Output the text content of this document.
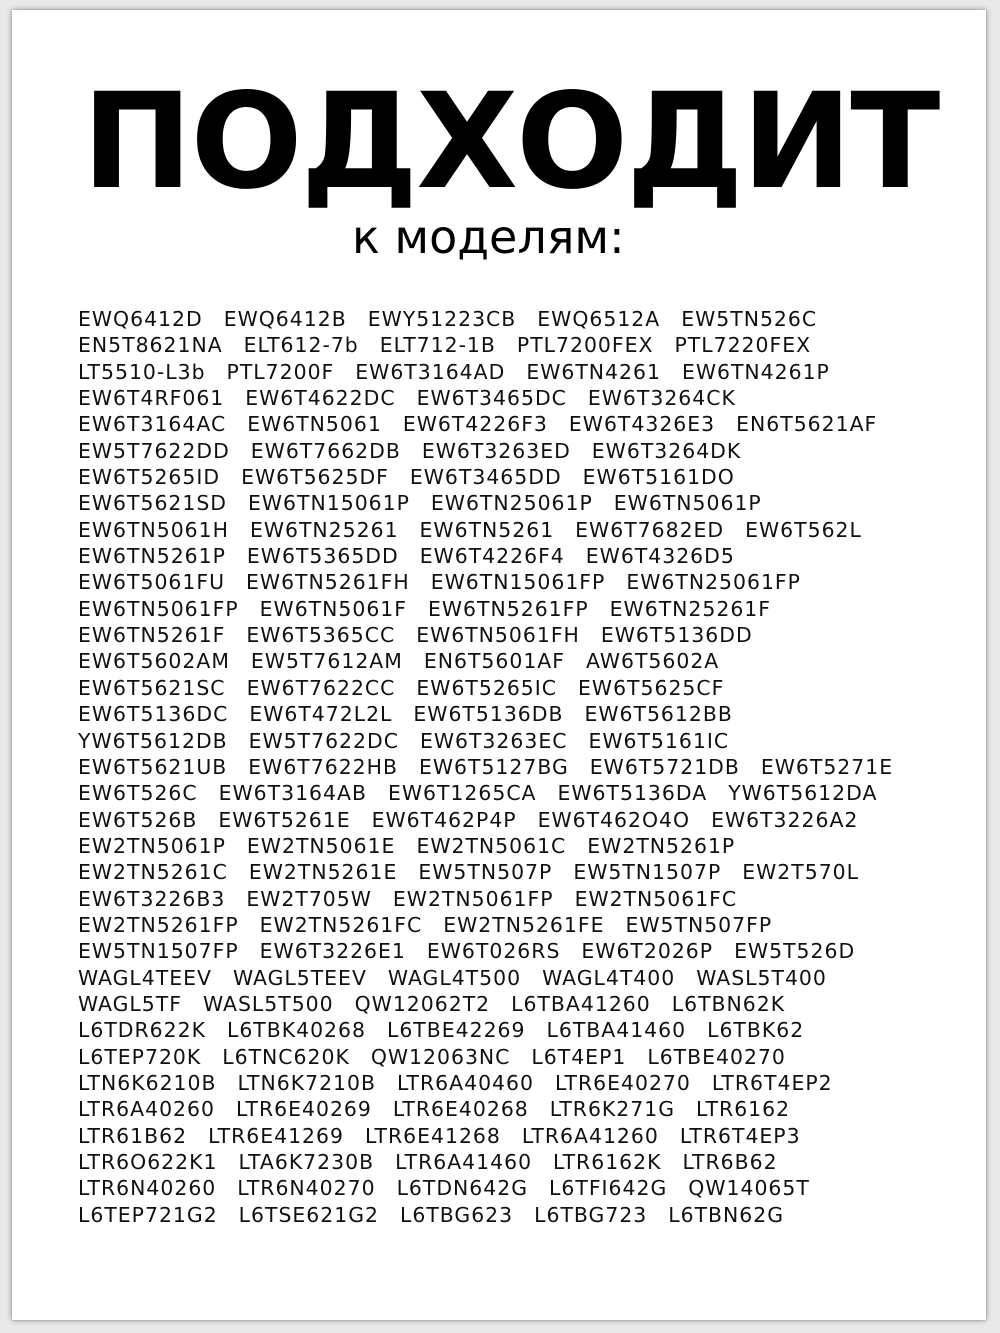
ПОДХОДИТ
к моделям:
EWQ6412D EWQ6412B EWY51223CB EWQ6512A EW5TN526C
EN5T8621NA ELT612-7b ELT712-1B PTL7200FEX PTL7220FEX
LT5510-L3b PTL7200F EW6T3164AD EW6TN4261 EW6TN4261P
EW6T4RF061 EW6T4622DC EW6T3465DC EW6T3264CK
EW6T3164AC EW6TN5061 EW6T4226F3 EW6T4326E3 EN6T5621AF
EW5T7622DD EW6T7662DB EW6T3263ED EW6T3264DK
EW6T5265ID EW6T5625DF EW6T3465DD EW6T5161DO
EW6T5621SD EW6TN15061P EW6TN25061P EW6TN5061P
EW6TN5061H EW6TN25261 EW6TN5261 EW6T7682ED EW6T562L
EW6TN5261P EW6T5365DD EW6T4226F4 EW6T4326D5
EW6T5061FU EW6TN5261FH EW6TN15061FP EW6TN25061FP
EW6TN5061FP EW6TN5061F EW6TN5261FP EW6TN25261F
EW6TN5261F EW6T5365CC EW6TN5061FH EW6T5136DD
EW6T5602AM EW5T7612AM EN6T5601AF AW6T5602A
EW6T5621SC EW6T7622CC EW6T5265IC EW6T5625CF
EW6T5136DC EW6T472L2L EW6T5136DB EW6T5612BB
YW6T5612DB EW5T7622DC EW6T3263EC EW6T5161IC
EW6T5621UB EW6T7622HB EW6T5127BG EW6T5721DB EW6T5271E
EW6T526C EW6T3164AB EW6T1265CA EW6T5136DA YW6T5612DA
EW6T526B EW6T5261E EW6T462P4P EW6T462O4O EW6T3226A2
EW2TN5061P EW2TN5061E EW2TN5061C EW2TN5261P
EW2TN5261C EW2TN5261E EW5TN507P EW5TN1507P EW2T570L
EW6T3226B3 EW2T705W EW2TN5061FP EW2TN5061FC
EW2TN5261FP EW2TN5261FC EW2TN5261FE EW5TN507FP
EW5TN1507FP EW6T3226E1 EW6T026RS EW6T2026P EW5T526D
WAGL4TEEV WAGL5TEEV WAGL4T500 WAGL4T400 WASL5T400
WAGL5TF WASL5T500 QW12062T2 L6TBA41260 L6TBN62K
L6TDR622K L6TBK40268 L6TBE42269 L6TBA41460 L6TBK62
L6TEP720K L6TNC620K QW12063NC L6T4EP1 L6TBE40270
LTN6K6210B LTN6K7210B LTR6A40460 LTR6E40270 LTR6T4EP2
LTR6A40260 LTR6E40269 LTR6E40268 LTR6K271G LTR6162
LTR61B62 LTR6E41269 LTR6E41268 LTR6A41260 LTR6T4EP3
LTR6O622K1 LTA6K7230B LTR6A41460 LTR6162K LTR6B62
LTR6N40260 LTR6N40270 L6TDN642G L6TFI642G QW14065T
L6TEP721G2 L6TSE621G2 L6TBG623 L6TBG723 L6TBN62G
